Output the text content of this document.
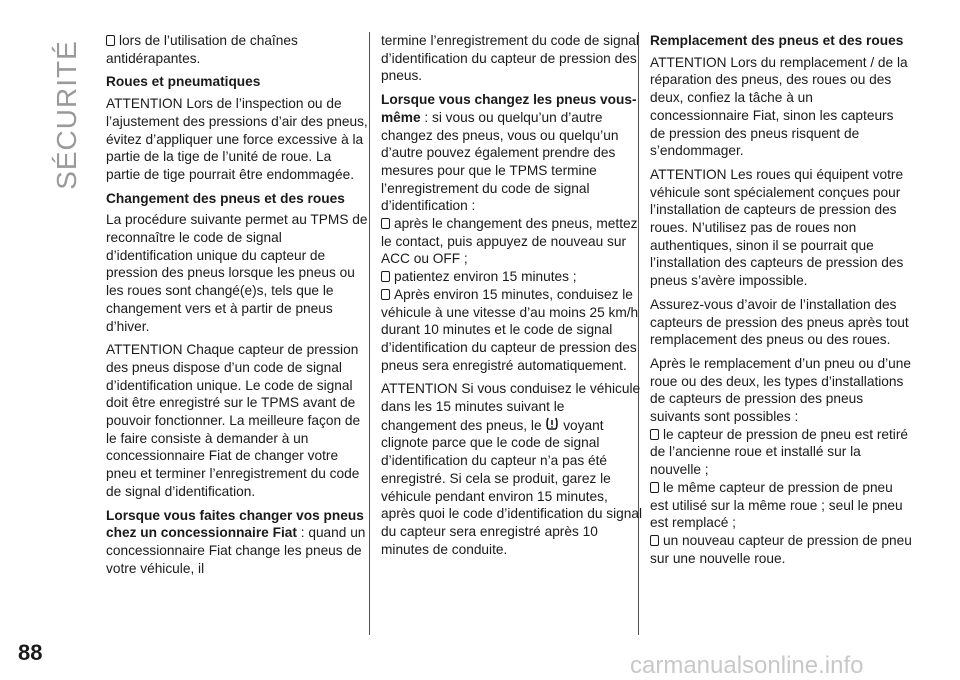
SÉCURITÉ
88

lors de l’utilisation de chaînes antidérapantes.

Roues et pneumatiques

ATTENTION Lors de l’inspection ou de l’ajustement des pressions d’air des pneus, évitez d’appliquer une force excessive à la partie de la tige de l’unité de roue. La partie de tige pourrait être endommagée.

Changement des pneus et des roues

La procédure suivante permet au TPMS de reconnaître le code de signal d’identification unique du capteur de pression des pneus lorsque les pneus ou les roues sont changé(e)s, tels que le changement vers et à partir de pneus d’hiver.

ATTENTION Chaque capteur de pression des pneus dispose d’un code de signal d’identification unique. Le code de signal doit être enregistré sur le TPMS avant de pouvoir fonctionner. La meilleure façon de le faire consiste à demander à un concessionnaire Fiat de changer votre pneu et terminer l’enregistrement du code de signal d’identification.

Lorsque vous faites changer vos pneus chez un concessionnaire Fiat : quand un concessionnaire Fiat change les pneus de votre véhicule, il

termine l’enregistrement du code de signal d’identification du capteur de pression des pneus.

Lorsque vous changez les pneus vous-même : si vous ou quelqu’un d’autre changez des pneus, vous ou quelqu’un d’autre pouvez également prendre des mesures pour que le TPMS termine l’enregistrement du code de signal d’identification :
après le changement des pneus, mettez le contact, puis appuyez de nouveau sur ACC ou OFF ;
patientez environ 15 minutes ;
Après environ 15 minutes, conduisez le véhicule à une vitesse d’au moins 25 km/h durant 10 minutes et le code de signal d’identification du capteur de pression des pneus sera enregistré automatiquement.

ATTENTION Si vous conduisez le véhicule dans les 15 minutes suivant le changement des pneus, le voyant clignote parce que le code de signal d’identification du capteur n’a pas été enregistré. Si cela se produit, garez le véhicule pendant environ 15 minutes, après quoi le code d’identification du signal du capteur sera enregistré après 10 minutes de conduite.

Remplacement des pneus et des roues

ATTENTION Lors du remplacement / de la réparation des pneus, des roues ou des deux, confiez la tâche à un concessionnaire Fiat, sinon les capteurs de pression des pneus risquent de s’endommager.

ATTENTION Les roues qui équipent votre véhicule sont spécialement conçues pour l’installation de capteurs de pression des roues. N’utilisez pas de roues non authentiques, sinon il se pourrait que l’installation des capteurs de pression des pneus s’avère impossible.

Assurez-vous d’avoir de l’installation des capteurs de pression des pneus après tout remplacement des pneus ou des roues.

Après le remplacement d’un pneu ou d’une roue ou des deux, les types d’installations de capteurs de pression des pneus suivants sont possibles :
le capteur de pression de pneu est retiré de l’ancienne roue et installé sur la nouvelle ;
le même capteur de pression de pneu est utilisé sur la même roue ; seul le pneu est remplacé ;
un nouveau capteur de pression de pneu sur une nouvelle roue.

carmanualsonline.info
